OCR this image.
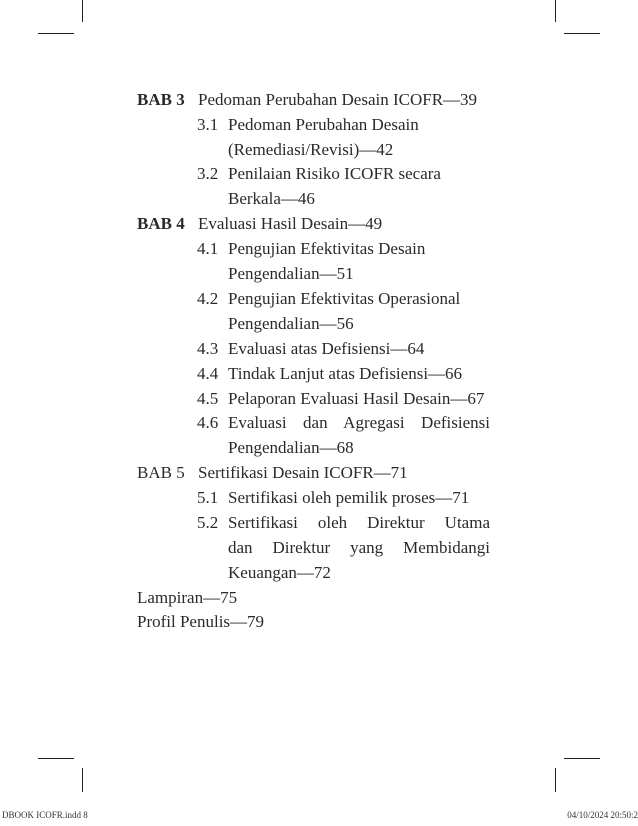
BAB 3 Pedoman Perubahan Desain ICOFR—39
3.1 Pedoman Perubahan Desain
(Remediasi/Revisi)—42
3.2 Penilaian Risiko ICOFR secara
Berkala—46
BAB 4 Evaluasi Hasil Desain—49
4.1 Pengujian Efektivitas Desain
Pengendalian—51
4.2 Pengujian Efektivitas Operasional
Pengendalian—56
4.3 Evaluasi atas Defisiensi—64
4.4 Tindak Lanjut atas Defisiensi—66
4.5 Pelaporan Evaluasi Hasil Desain—67
4.6 Evaluasi dan Agregasi Defisiensi
Pengendalian—68
BAB 5 Sertifikasi Desain ICOFR—71
5.1 Sertifikasi oleh pemilik proses—71
5.2 Sertifikasi oleh Direktur Utama
dan Direktur yang Membidangi
Keuangan—72
Lampiran—75
Profil Penulis—79
DBOOK ICOFR.indd 8	04/10/2024 20:50:2
